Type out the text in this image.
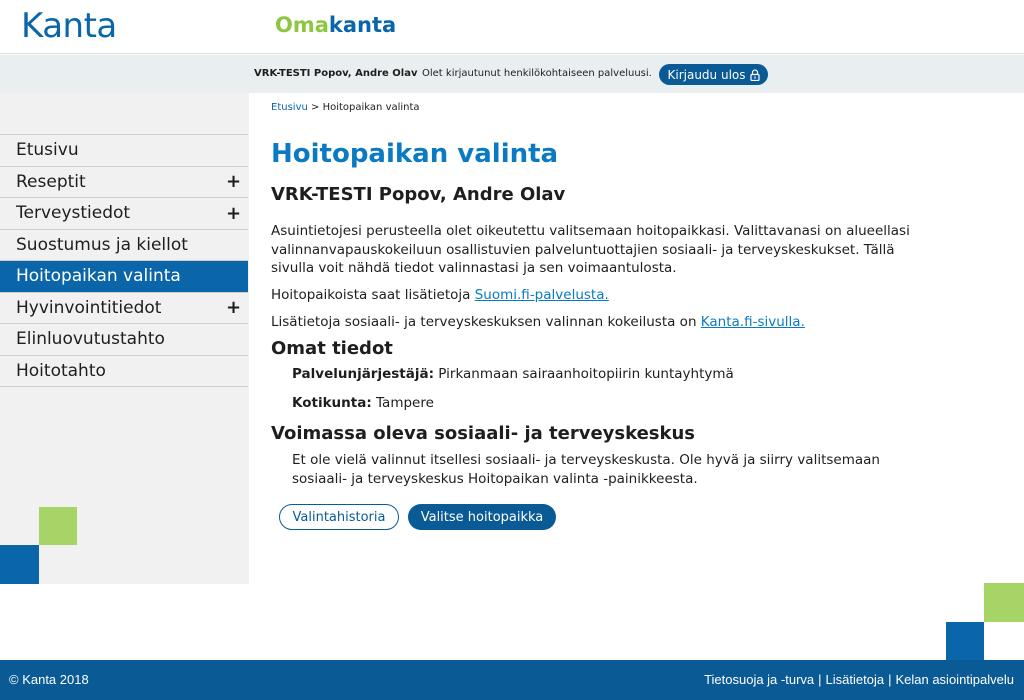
Kanta	Omakanta
VRK-TESTI Popov, Andre Olav Olet kirjautunut henkilökohtaiseen palveluusi. Kirjaudu ulos
Etusivu
Reseptit	+
Terveystiedot	+
Suostumus ja kiellot
Hoitopaikan valinta
Hyvinvointitiedot	+
Elinluovutustahto
Hoitotahto
Etusivu > Hoitopaikan valinta
Hoitopaikan valinta
VRK-TESTI Popov, Andre Olav

Asuintietojesi perusteella olet oikeutettu valitsemaan hoitopaikkasi. Valittavanasi on alueellasi valinnanvapauskokeiluun osallistuvien palveluntuottajien sosiaali- ja terveyskeskukset. Tällä sivulla voit nähdä tiedot valinnastasi ja sen voimaantulosta.

Hoitopaikoista saat lisätietoja Suomi.fi-palvelusta.

Lisätietoja sosiaali- ja terveyskeskuksen valinnan kokeilusta on Kanta.fi-sivulla.

Omat tiedot

Palvelunjärjestäjä: Pirkanmaan sairaanhoitopiirin kuntayhtymä

Kotikunta: Tampere

Voimassa oleva sosiaali- ja terveyskeskus

Et ole vielä valinnut itsellesi sosiaali- ja terveyskeskusta. Ole hyvä ja siirry valitsemaan sosiaali- ja terveyskeskus Hoitopaikan valinta -painikkeesta.

Valintahistoria	Valitse hoitopaikka
© Kanta 2018	Tietosuoja ja -turva | Lisätietoja | Kelan asiointipalvelu
